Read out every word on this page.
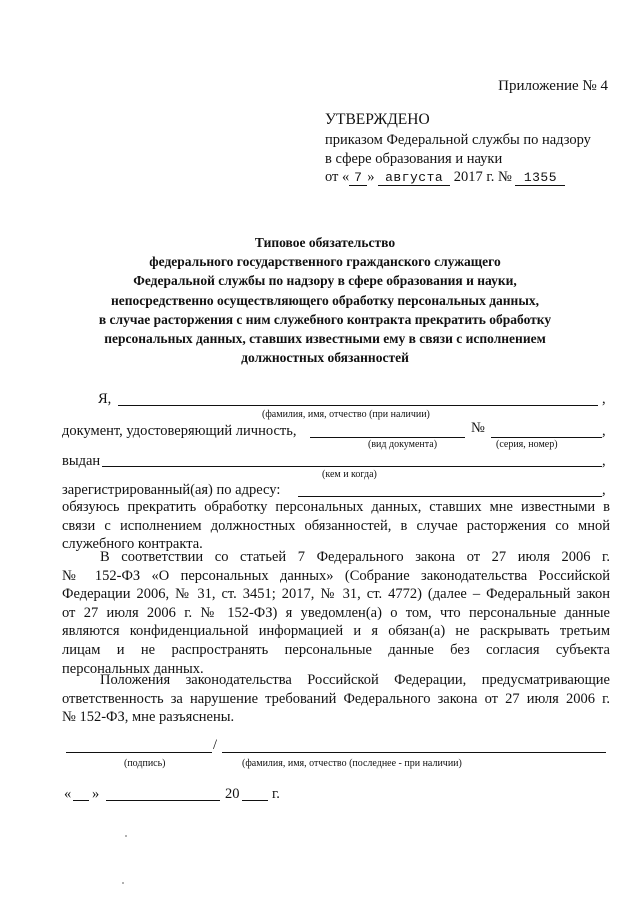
Приложение № 4
УТВЕРЖДЕНО
приказом Федеральной службы по надзору
в сфере образования и науки
от « 7 » августа 2017 г. № 1355
Типовое обязательство
федерального государственного гражданского служащего
Федеральной службы по надзору в сфере образования и науки,
непосредственно осуществляющего обработку персональных данных,
в случае расторжения с ним служебного контракта прекратить обработку
персональных данных, ставших известными ему в связи с исполнением
должностных обязанностей
Я,	,
(фамилия, имя, отчество (при наличии)
документ, удостоверяющий личность,	№	,
(вид документа)	(серия, номер)
выдан	,
(кем и когда)
зарегистрированный(ая) по адресу:	,
обязуюсь прекратить обработку персональных данных, ставших мне известными в
связи с исполнением должностных обязанностей, в случае расторжения со мной
служебного контракта.
В соответствии со статьей 7 Федерального закона от 27 июля 2006 г.
№ 152-ФЗ «О персональных данных» (Собрание законодательства Российской
Федерации 2006, № 31, ст. 3451; 2017, № 31, ст. 4772) (далее – Федеральный закон
от 27 июля 2006 г. № 152-ФЗ) я уведомлен(а) о том, что персональные данные
являются конфиденциальной информацией и я обязан(а) не раскрывать третьим
лицам и не распространять персональные данные без согласия субъекта
персональных данных.
Положения законодательства Российской Федерации, предусматривающие
ответственность за нарушение требований Федерального закона от 27 июля 2006 г.
№ 152-ФЗ, мне разъяснены.
/
(подпись)	(фамилия, имя, отчество (последнее - при наличии)
« »	20 г.
